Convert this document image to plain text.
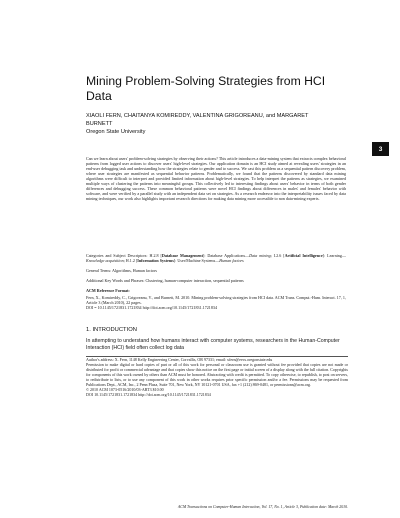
Mining Problem-Solving Strategies from HCI Data
XIAOLI FERN, CHAITANYA KOMIREDDY, VALENTINA GRIGOREANU, and MARGARET BURNETT
Oregon State University
3

Can we learn about users' problem-solving strategies by observing their actions? This article introduces a data-mining system that extracts complex behavioral patterns from logged user actions to discover users' high-level strategies. Our application domain is an HCI study aimed at revealing users' strategies in an end-user debugging task and understanding how the strategies relate to gender and to success. We cast this problem as a sequential pattern discovery problem, where user strategies are manifested as sequential behavior patterns. Problematically, we found that the patterns discovered by standard data mining algorithms were difficult to interpret and provided limited information about high-level strategies. To help interpret the patterns as strategies, we examined multiple ways of clustering the patterns into meaningful groups. This collectively led to interesting findings about users' behavior in terms of both gender differences and debugging success. These common behavioral patterns were novel HCI findings about differences in males' and females' behavior with software, and were verified by a parallel study with an independent data set on strategies. As a research endeavor into the interpretability issues faced by data mining techniques, our work also highlights important research directions for making data mining more accessible to non data-mining experts.

Categories and Subject Descriptors: H.2.8 [Database Management]: Database Applications—Data mining; I.2.6 [Artificial Intelligence]: Learning—Knowledge acquisition; H.1.2 [Information Systems]: User/Machine Systems—Human factors

General Terms: Algorithms, Human factors

Additional Key Words and Phrases: Clustering, human-computer interaction, sequential patterns

ACM Reference Format:

Fern, X., Komireddy, C., Grigoreanu, V., and Burnett, M. 2010. Mining problem-solving strategies from HCI data. ACM Trans. Comput.-Hum. Interact. 17, 1, Article 3 (March 2010), 22 pages.
DOI = 10.1145/1721831.1721834 http://doi.acm.org/10.1145/1721831.1721834

1. INTRODUCTION

In attempting to understand how humans interact with computer systems, researchers in the Human-Computer Interaction (HCI) field often collect log data

Author's address: X. Fern, 1148 Kelly Engineering Center, Corvallis, OR 97331; email: xfern@eecs.oregonstate.edu
Permission to make digital or hard copies of part or all of this work for personal or classroom use is granted without fee provided that copies are not made or distributed for profit or commercial advantage and that copies show this notice on the first page or initial screen of a display along with the full citation. Copyrights for components of this work owned by others than ACM must be honored. Abstracting with credit is permitted. To copy otherwise, to republish, to post on servers, to redistribute to lists, or to use any component of this work in other works requires prior specific permission and/or a fee. Permissions may be requested from Publications Dept., ACM, Inc., 2 Penn Plaza, Suite 701, New York, NY 10121-0701 USA, fax +1 (212) 869-0481, or permissions@acm.org.
© 2010 ACM 1073-0516/2010/03-ART3 $10.00
DOI 10.1145/1721831.1721834 http://doi.acm.org/10.1145/1721831.1721834

ACM Transactions on Computer-Human Interaction, Vol. 17, No. 1, Article 3, Publication date: March 2010.
